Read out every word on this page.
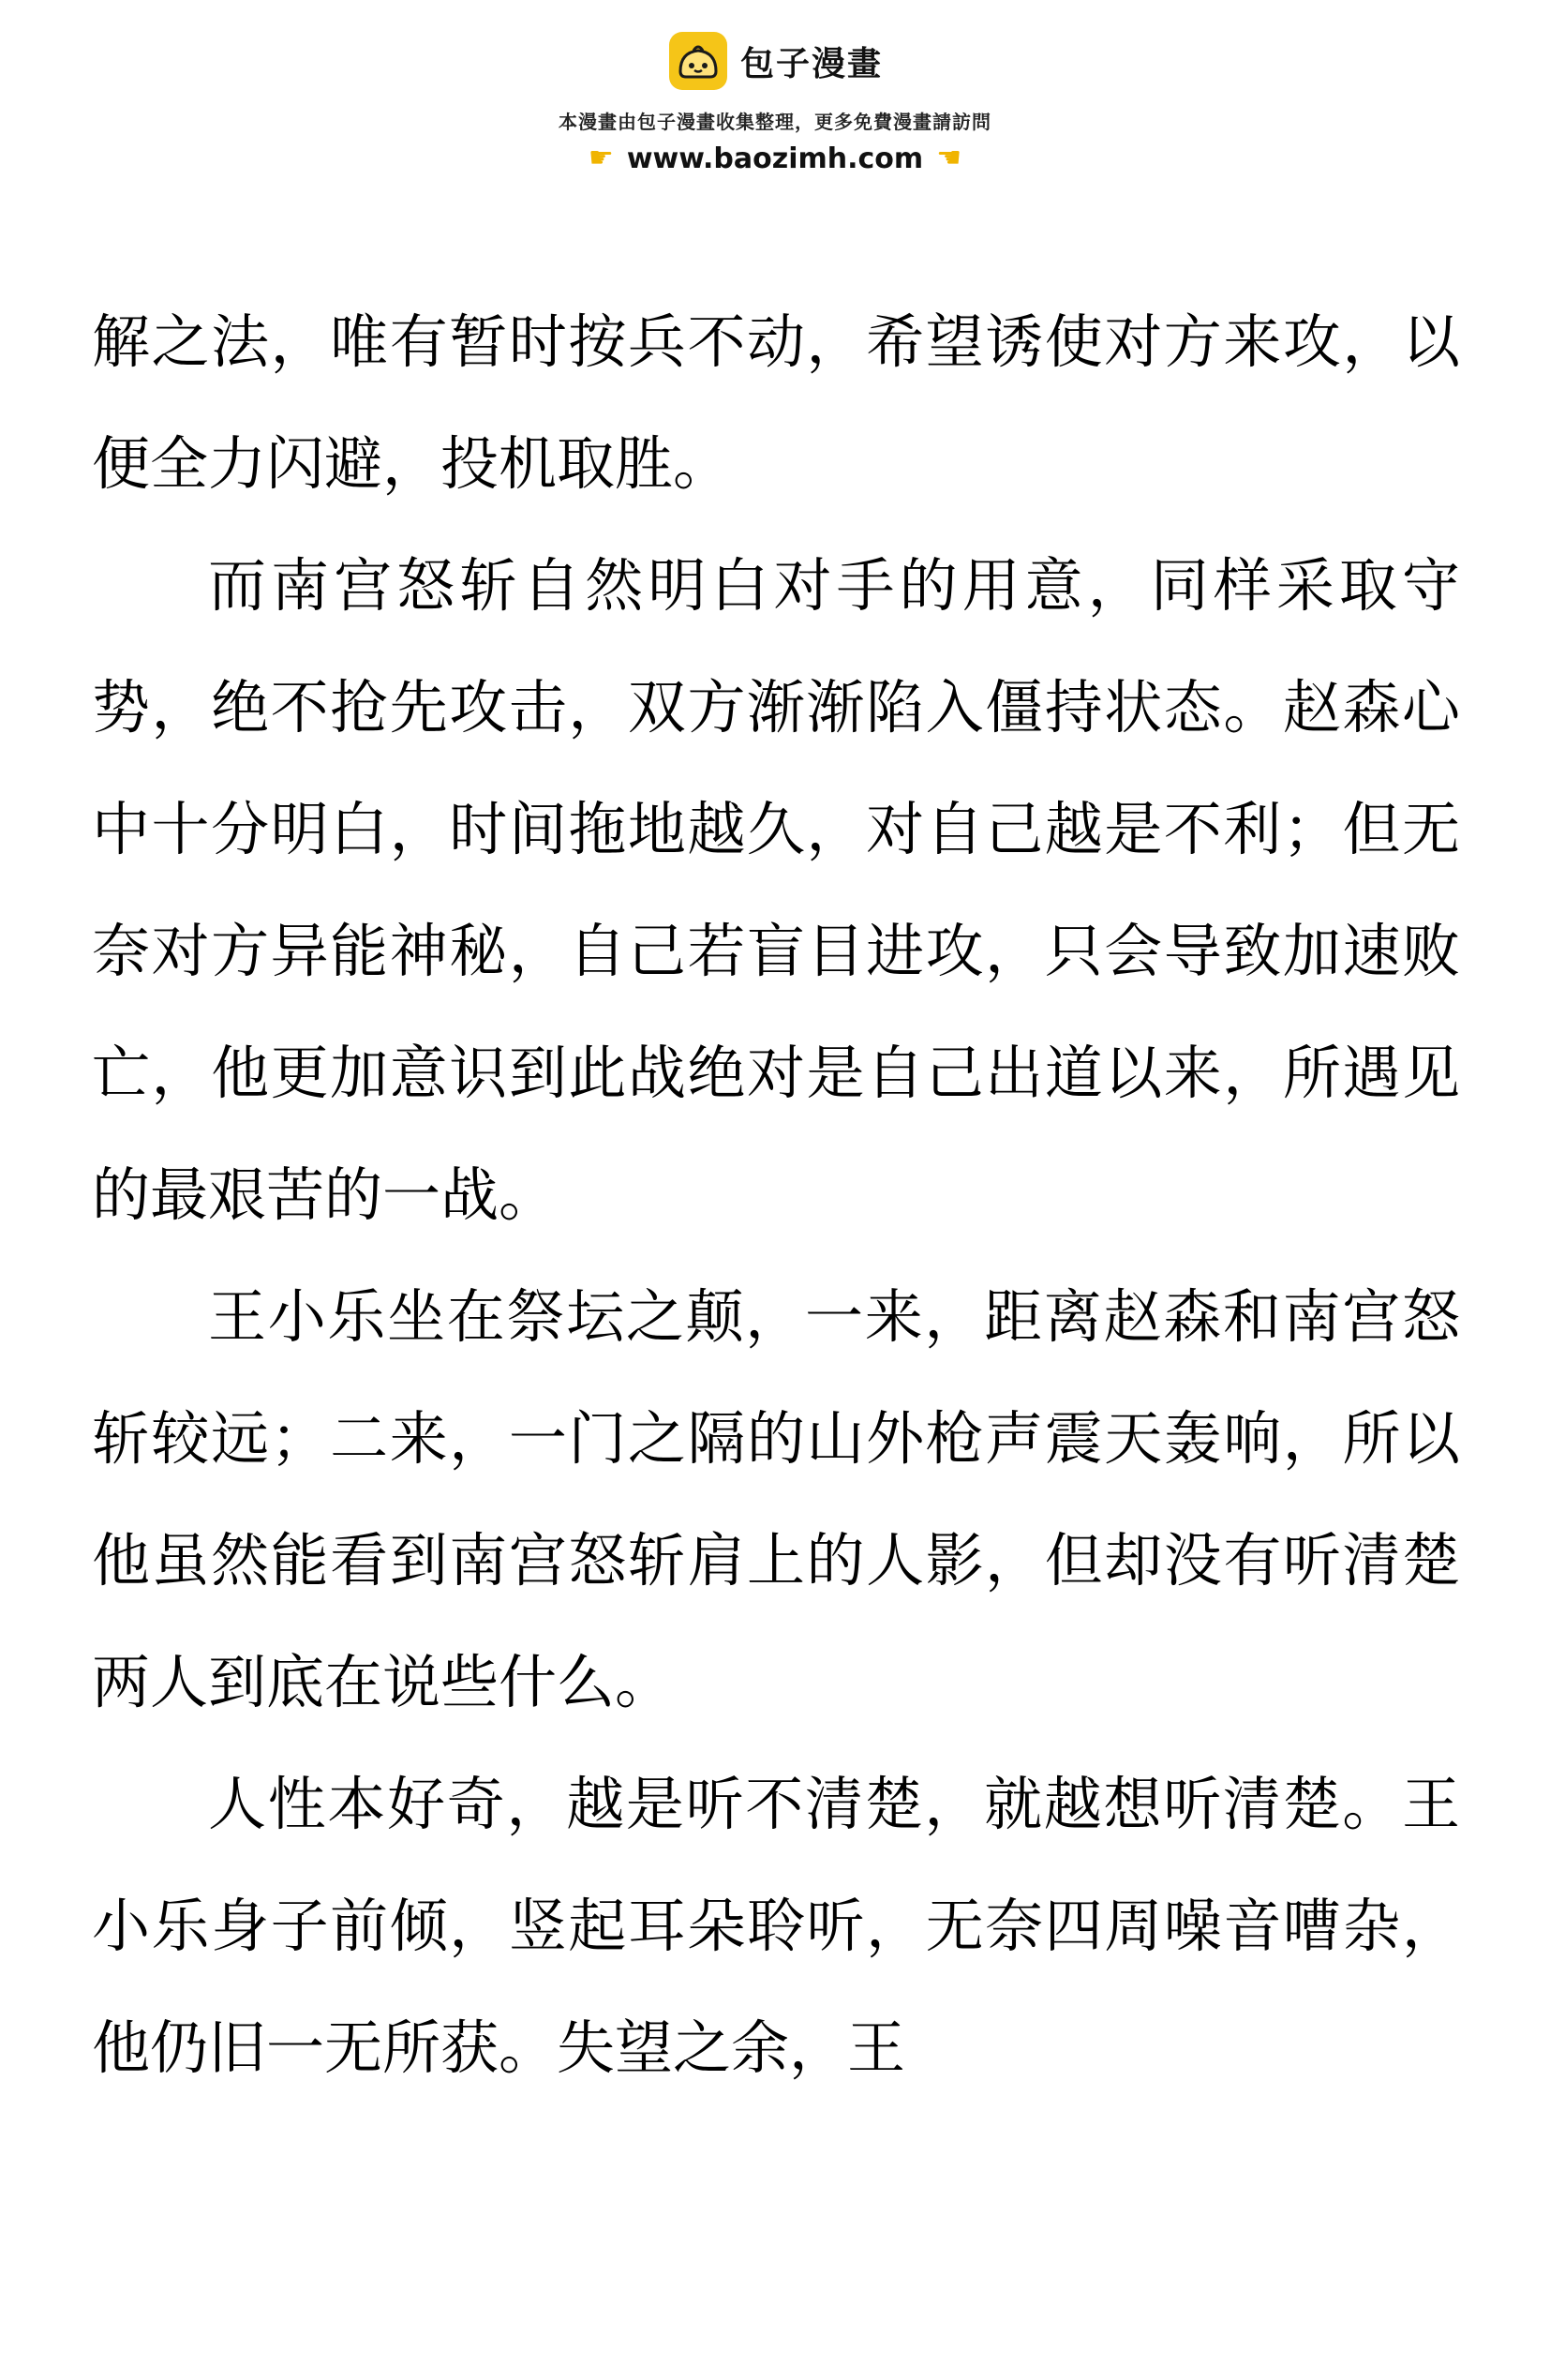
包子漫畫
本漫畫由包子漫畫收集整理，更多免費漫畫請訪問
☛ www.baozimh.com ☚

解之法，唯有暂时按兵不动，希望诱使对方来攻，以便全力闪避，投机取胜。

而南宫怒斩自然明白对手的用意，同样采取守势，绝不抢先攻击，双方渐渐陷入僵持状态。赵森心中十分明白，时间拖地越久，对自己越是不利；但无奈对方异能神秘，自己若盲目进攻，只会导致加速败亡，他更加意识到此战绝对是自己出道以来，所遇见的最艰苦的一战。

王小乐坐在祭坛之颠，一来，距离赵森和南宫怒斩较远；二来，一门之隔的山外枪声震天轰响，所以他虽然能看到南宫怒斩肩上的人影，但却没有听清楚两人到底在说些什么。

人性本好奇，越是听不清楚，就越想听清楚。王小乐身子前倾，竖起耳朵聆听，无奈四周噪音嘈杂，他仍旧一无所获。失望之余，王
